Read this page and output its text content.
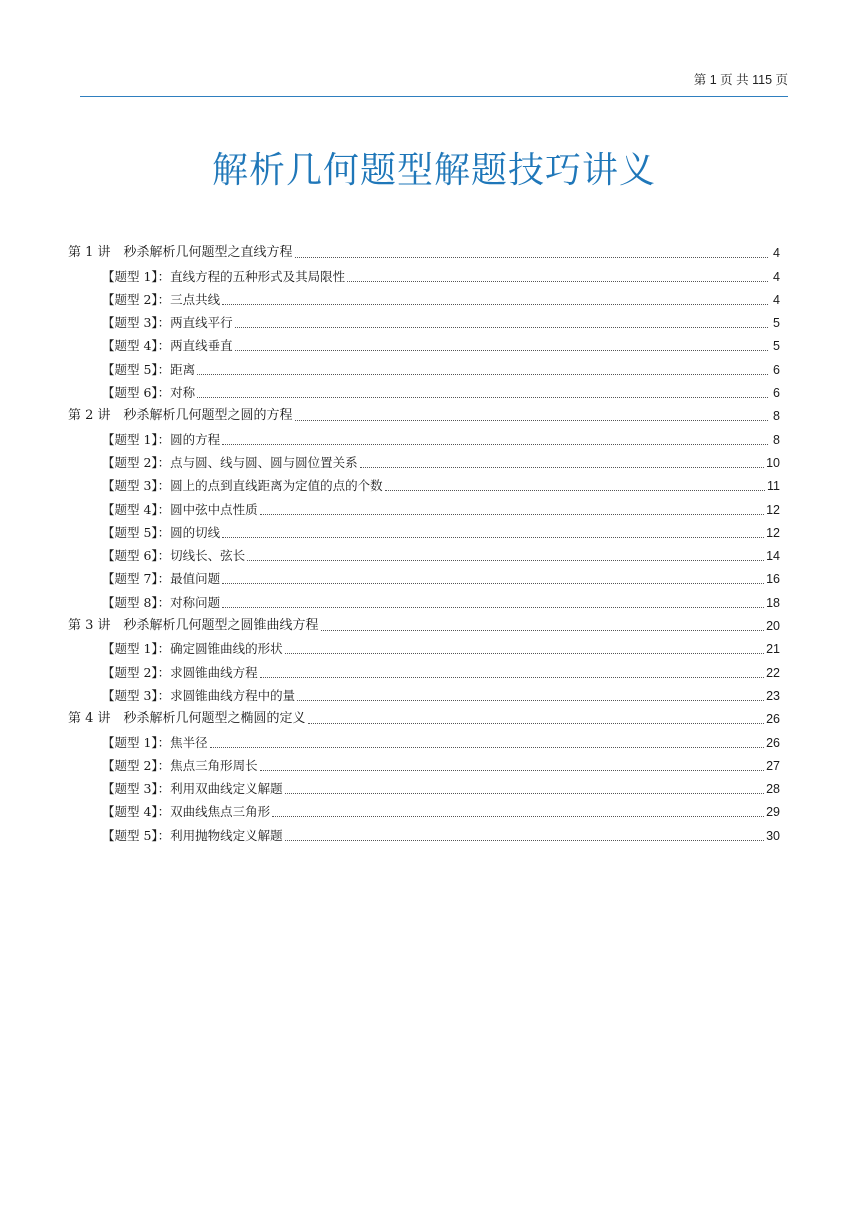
第 1 页 共 115 页
解析几何题型解题技巧讲义
第 1 讲　秒杀解析几何题型之直线方程	4
【题型 1】：直线方程的五种形式及其局限性	4
【题型 2】：三点共线	4
【题型 3】：两直线平行	5
【题型 4】：两直线垂直	5
【题型 5】：距离	6
【题型 6】：对称	6
第 2 讲　秒杀解析几何题型之圆的方程	8
【题型 1】：圆的方程	8
【题型 2】：点与圆、线与圆、圆与圆位置关系	10
【题型 3】：圆上的点到直线距离为定值的点的个数	11
【题型 4】：圆中弦中点性质	12
【题型 5】：圆的切线	12
【题型 6】：切线长、弦长	14
【题型 7】：最值问题	16
【题型 8】：对称问题	18
第 3 讲　秒杀解析几何题型之圆锥曲线方程	20
【题型 1】：确定圆锥曲线的形状	21
【题型 2】：求圆锥曲线方程	22
【题型 3】：求圆锥曲线方程中的量	23
第 4 讲　秒杀解析几何题型之椭圆的定义	26
【题型 1】：焦半径	26
【题型 2】：焦点三角形周长	27
【题型 3】：利用双曲线定义解题	28
【题型 4】：双曲线焦点三角形	29
【题型 5】：利用抛物线定义解题	30
